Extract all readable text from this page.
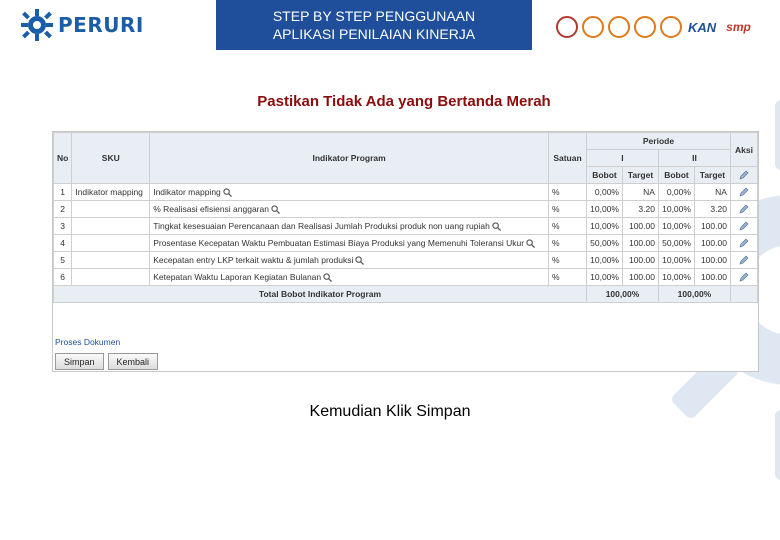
PERURI	STEP BY STEP PENGGUNAAN
APLIKASI PENILAIAN KINERJA	KAN smp
Pastikan Tidak Ada yang Bertanda Merah
No	SKU	Indikator Program	Satuan	Periode				Aksi
				I		II		
				Bobot	Target	Bobot	Target	
1	Indikator mapping	Indikator mapping	%	0,00%	NA	0,00%	NA	
2		% Realisasi efisiensi anggaran	%	10,00%	3.20	10,00%	3.20	
3		Tingkat kesesuaian Perencanaan dan Realisasi Jumlah Produksi produk non uang rupiah	%	10,00%	100.00	10,00%	100.00	
4		Prosentase Kecepatan Waktu Pembuatan Estimasi Biaya Produksi yang Memenuhi Toleransi Ukur	%	50,00%	100.00	50,00%	100.00	
5		Kecepatan entry LKP terkait waktu & jumlah produksi	%	10,00%	100.00	10,00%	100.00	
6		Ketepatan Waktu Laporan Kegiatan Bulanan	%	10,00%	100.00	10,00%	100.00	
Total Bobot Indikator Program				100,00%		100,00%		
Proses Dokumen
Simpan	Kembali
Kemudian Klik Simpan
